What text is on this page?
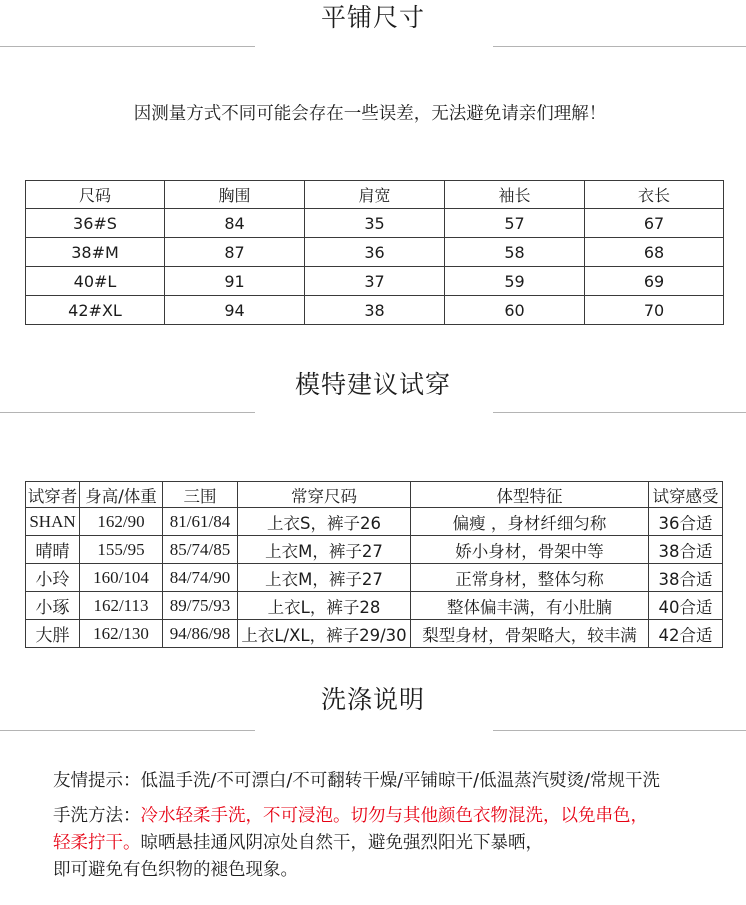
平铺尺寸
因测量方式不同可能会存在一些误差，无法避免请亲们理解！
尺码	胸围	肩宽	袖长	衣长
36#S	84	35	57	67
38#M	87	36	58	68
40#L	91	37	59	69
42#XL	94	38	60	70
模特建议试穿
试穿者	身高/体重	三围	常穿尺码	体型特征	试穿感受
SHAN	162/90	81/61/84	上衣S，裤子26	偏瘦 ，身材纤细匀称	36合适
晴晴	155/95	85/74/85	上衣M，裤子27	娇小身材，骨架中等	38合适
小玲	160/104	84/74/90	上衣M，裤子27	正常身材，整体匀称	38合适
小琢	162/113	89/75/93	上衣L，裤子28	整体偏丰满，有小肚腩	40合适
大胖	162/130	94/86/98	上衣L/XL，裤子29/30	梨型身材，骨架略大，较丰满	42合适
洗涤说明
友情提示：低温手洗/不可漂白/不可翻转干燥/平铺晾干/低温蒸汽熨烫/常规干洗
手洗方法：冷水轻柔手洗，不可浸泡。切勿与其他颜色衣物混洗，以免串色，
轻柔拧干。晾晒悬挂通风阴凉处自然干，避免强烈阳光下暴晒，
即可避免有色织物的褪色现象。
